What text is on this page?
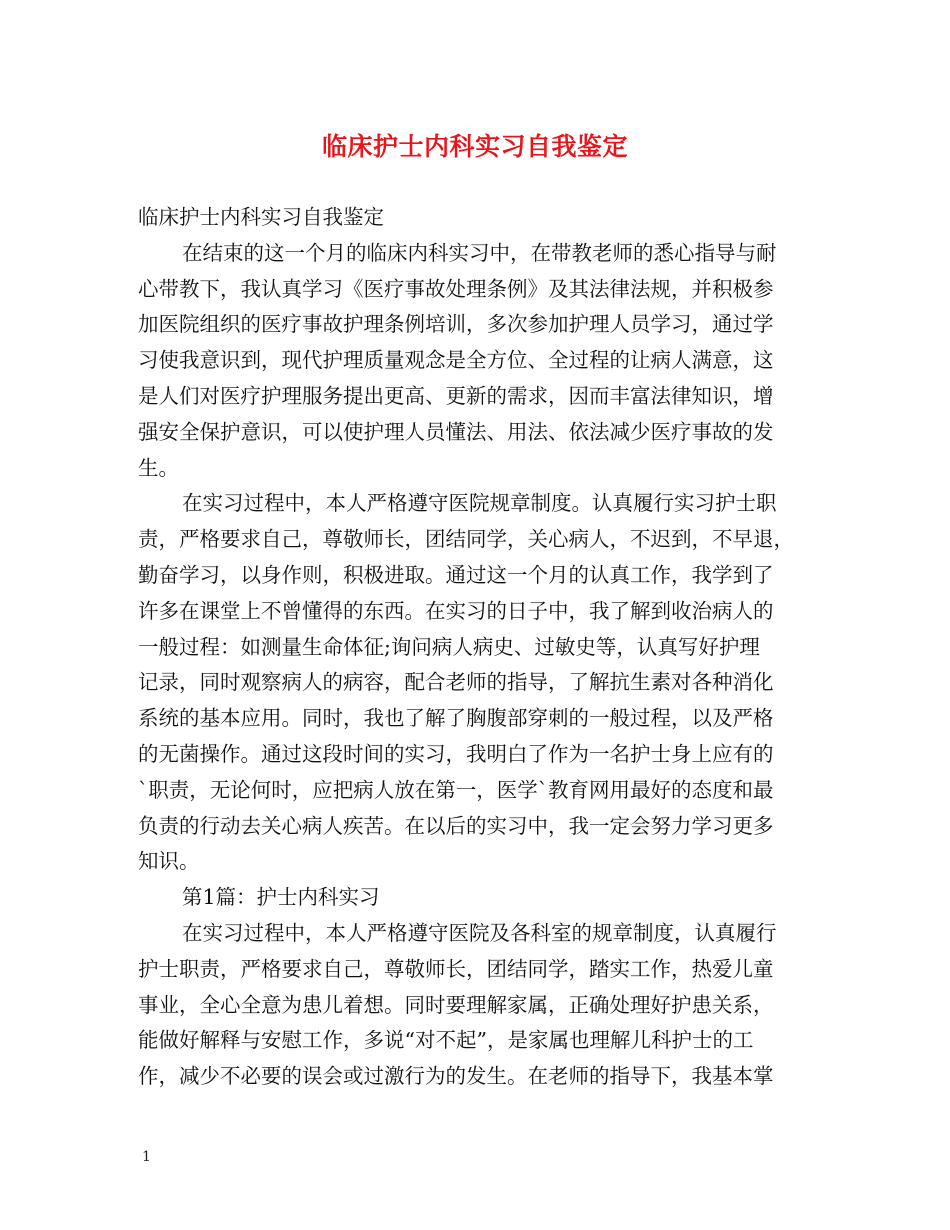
临床护士内科实习自我鉴定
临床护士内科实习自我鉴定
在结束的这一个月的临床内科实习中，在带教老师的悉心指导与耐
心带教下，我认真学习《医疗事故处理条例》及其法律法规，并积极参
加医院组织的医疗事故护理条例培训，多次参加护理人员学习，通过学
习使我意识到，现代护理质量观念是全方位、全过程的让病人满意，这
是人们对医疗护理服务提出更高、更新的需求，因而丰富法律知识，增
强安全保护意识，可以使护理人员懂法、用法、依法减少医疗事故的发
生。
在实习过程中，本人严格遵守医院规章制度。认真履行实习护士职
责，严格要求自己，尊敬师长，团结同学，关心病人，不迟到，不早退，
勤奋学习，以身作则，积极进取。通过这一个月的认真工作，我学到了
许多在课堂上不曾懂得的东西。在实习的日子中，我了解到收治病人的
一般过程：如测量生命体征;询问病人病史、过敏史等，认真写好护理
记录，同时观察病人的病容，配合老师的指导，了解抗生素对各种消化
系统的基本应用。同时，我也了解了胸腹部穿刺的一般过程，以及严格
的无菌操作。通过这段时间的实习，我明白了作为一名护士身上应有的
`职责，无论何时，应把病人放在第一，医学`教育网用最好的态度和最
负责的行动去关心病人疾苦。在以后的实习中，我一定会努力学习更多
知识。
第1篇：护士内科实习
在实习过程中，本人严格遵守医院及各科室的规章制度，认真履行
护士职责，严格要求自己，尊敬师长，团结同学，踏实工作，热爱儿童
事业，全心全意为患儿着想。同时要理解家属，正确处理好护患关系，
能做好解释与安慰工作，多说“对不起”，是家属也理解儿科护士的工
作，减少不必要的误会或过激行为的发生。在老师的指导下，我基本掌
1
